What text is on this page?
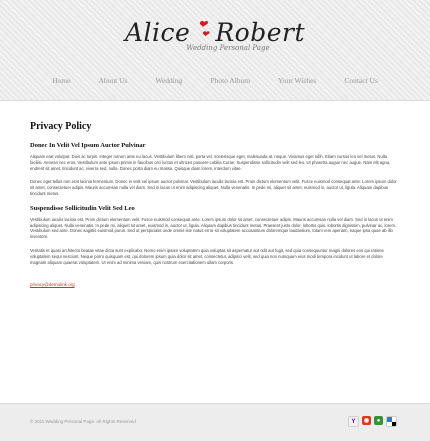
Alice ❤
❤ Robert
Wedding Personal Page
Home	About Us	Wedding	Photo Album	Your Wishes	Contact Us
Privacy Policy
Donec In Velit Vel Ipsum Auctor Pulvinar

Aliquam erat volutpat. Duis ac turpis. Integer rutrum ante eu lacus. Vestibulum libero nisl, porta vel, scelerisque eget, malesuada at, neque. Vivamus eget nibh. Etiam cursus leo vel metus. Nulla facilisi. Aenean nec eros. Vestibulum ante ipsum primis in faucibus orci luctus et ultrices posuere cubilia Curae; Suspendisse sollicitudin velit sed leo. Ut pharetra augue nec augue. Nam elit agna, endrerit sit amet, tincidunt ac, viverra sed, nulla. Donec porta diam eu massa. Quisque diam lorem, interdum vitae.

Donec eget tellus non erat lacinia fermentum. Donec in velit vel ipsum auctor pulvinar. Vestibulum iaculis lacinia est. Proin dictum elementum velit. Fusce euismod consequat ante. Lorem ipsum dolor sit amet, consectetuer adipis. Mauris accumsan nulla vel diam. Sed in lacus ut enim adipiscing aliquet. Nulla venenatis. In pede mi, aliquet sit amet, euismod in, auctor ut, ligula. Aliquam dapibus tincidunt metus.

Suspendisse Sollicitudin Velit Sed Leo

Vestibulum iaculis lacinia est. Proin dictum elementum velit. Fusce euismod consequat ante. Lorem ipsum dolor sit amet, consectetuer adipis. Mauris accumsan nulla vel diam. Sed in lacus ut enim adipiscing aliquet. Nulla venenatis. In pede mi, aliquet sit amet, euismod in, auctor ut, ligula. Aliquam dapibus tincidunt metus. Praesent justo dolor, lobortis quis, lobortis dignissim, pulvinar ac, lorem. Vestibulum sed ante. Donec sagittis euismod purus. Sed ut perspiciatis unde omnis iste natus error sit voluptatem accusantium doloremque laudantium, totam rem aperiam, eaque ipsa quae ab illo inventore.

Veritatis et quasi architecto beatae vitae dicta sunt explicabo. Nemo enim ipsam voluptatem quia voluptas sit aspernatur aut odit aut fugit, sed quia consequuntur magni dolores eos qui ratione voluptatem sequi nesciunt. Neque porro quisquam est, qui dolorem ipsum quia dolor sit amet, consectetur, adipisci velit, sed quia non numquam eius modi tempora incidunt ut labore et dolore magnam aliquam quaerat voluptatem. Ut enim ad minima veniam, quis nostrum exercitationem ullam corporis.

privacy@demolink.org
© 2011 Wedding Personal Page. All Rights Reserved	Y	◉	●
